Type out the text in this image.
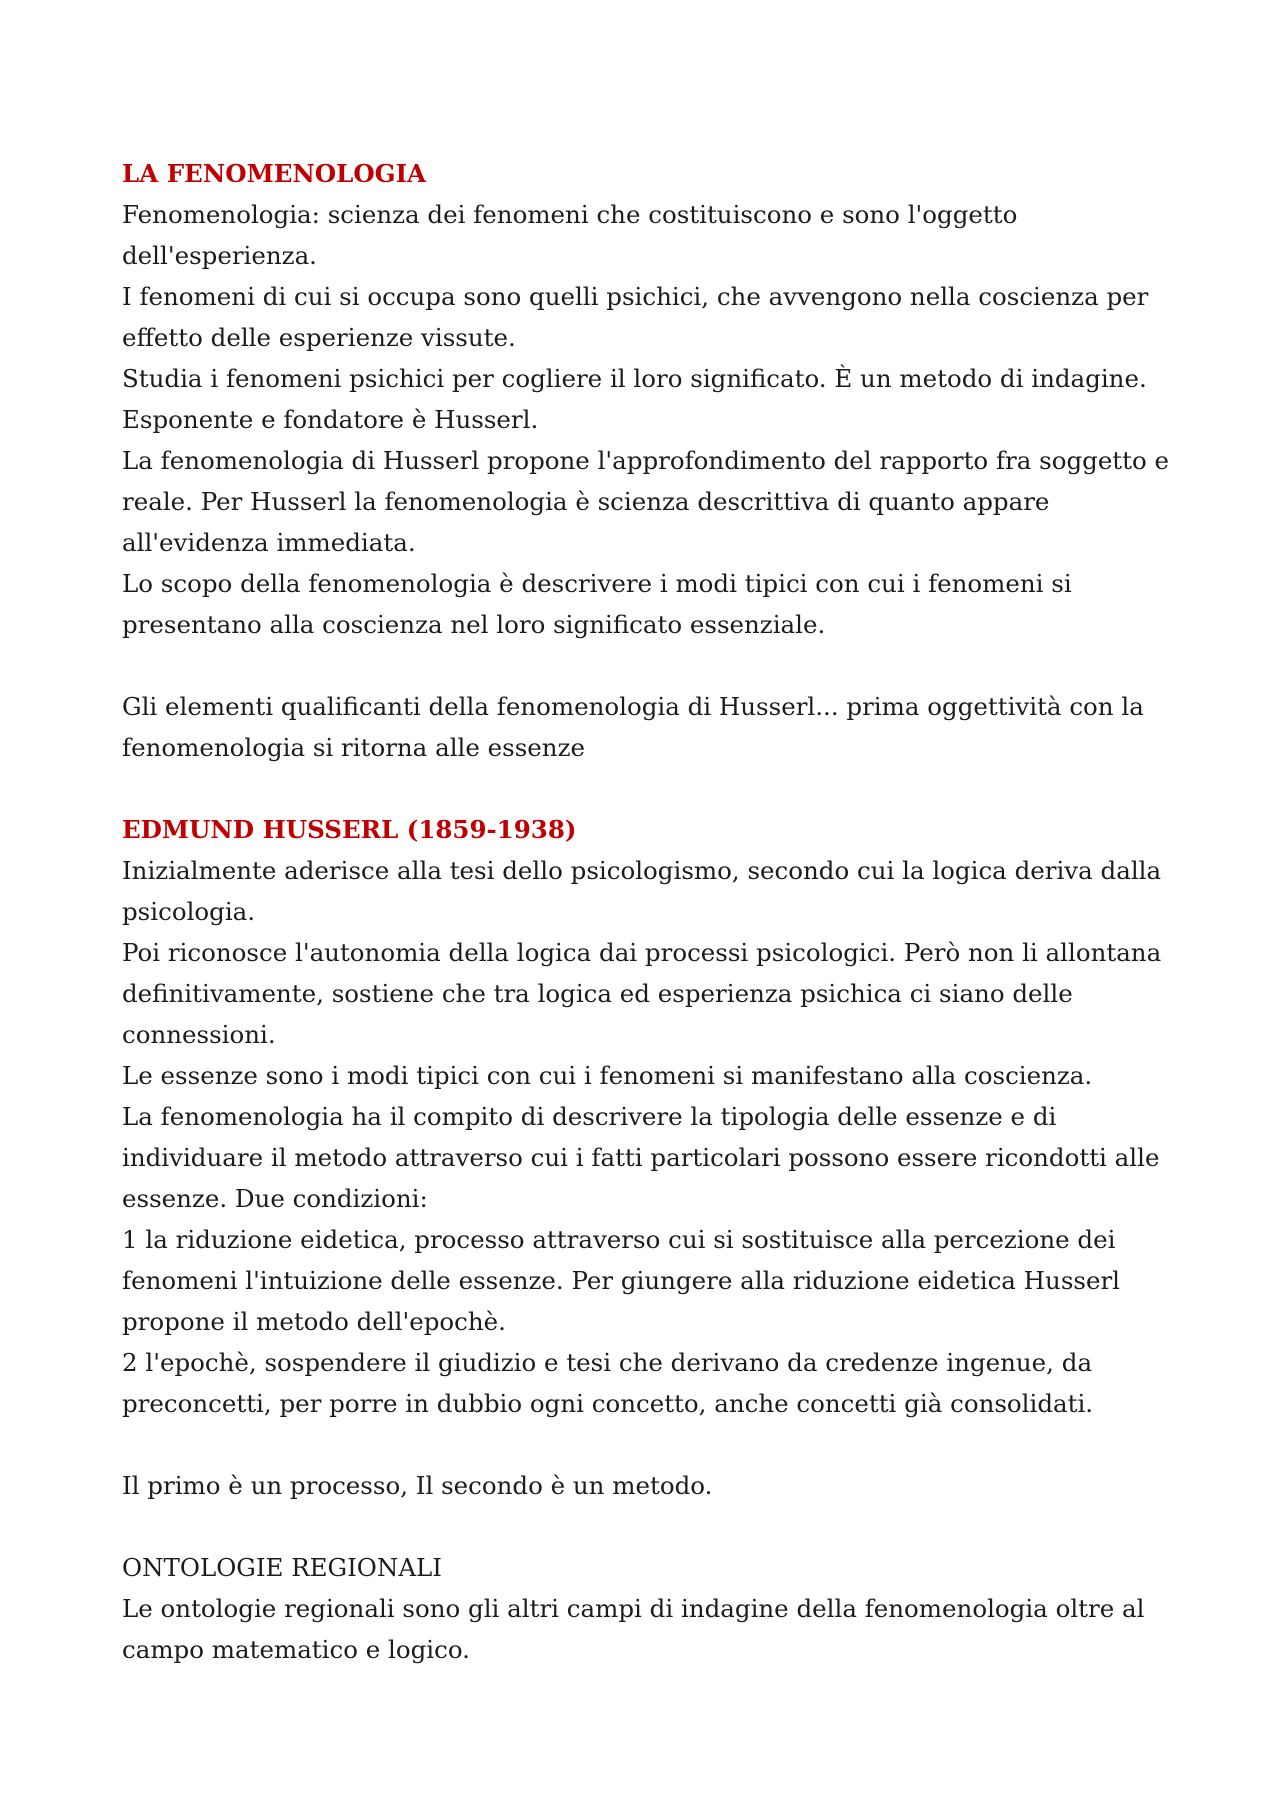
LA FENOMENOLOGIA

Fenomenologia: scienza dei fenomeni che costituiscono e sono l'oggetto dell'esperienza.

I fenomeni di cui si occupa sono quelli psichici, che avvengono nella coscienza per effetto delle esperienze vissute.

Studia i fenomeni psichici per cogliere il loro significato. È un metodo di indagine.

Esponente e fondatore è Husserl.

La fenomenologia di Husserl propone l'approfondimento del rapporto fra soggetto e reale. Per Husserl la fenomenologia è scienza descrittiva di quanto appare all'evidenza immediata.

Lo scopo della fenomenologia è descrivere i modi tipici con cui i fenomeni si presentano alla coscienza nel loro significato essenziale.

Gli elementi qualificanti della fenomenologia di Husserl... prima oggettività con la fenomenologia si ritorna alle essenze

EDMUND HUSSERL (1859-1938)

Inizialmente aderisce alla tesi dello psicologismo, secondo cui la logica deriva dalla psicologia.

Poi riconosce l'autonomia della logica dai processi psicologici. Però non li allontana definitivamente, sostiene che tra logica ed esperienza psichica ci siano delle connessioni.

Le essenze sono i modi tipici con cui i fenomeni si manifestano alla coscienza.

La fenomenologia ha il compito di descrivere la tipologia delle essenze e di individuare il metodo attraverso cui i fatti particolari possono essere ricondotti alle essenze. Due condizioni:

1 la riduzione eidetica, processo attraverso cui si sostituisce alla percezione dei fenomeni l'intuizione delle essenze. Per giungere alla riduzione eidetica Husserl propone il metodo dell'epochè.

2 l'epochè, sospendere il giudizio e tesi che derivano da credenze ingenue, da preconcetti, per porre in dubbio ogni concetto, anche concetti già consolidati.

Il primo è un processo, Il secondo è un metodo.

ONTOLOGIE REGIONALI

Le ontologie regionali sono gli altri campi di indagine della fenomenologia oltre al campo matematico e logico.
